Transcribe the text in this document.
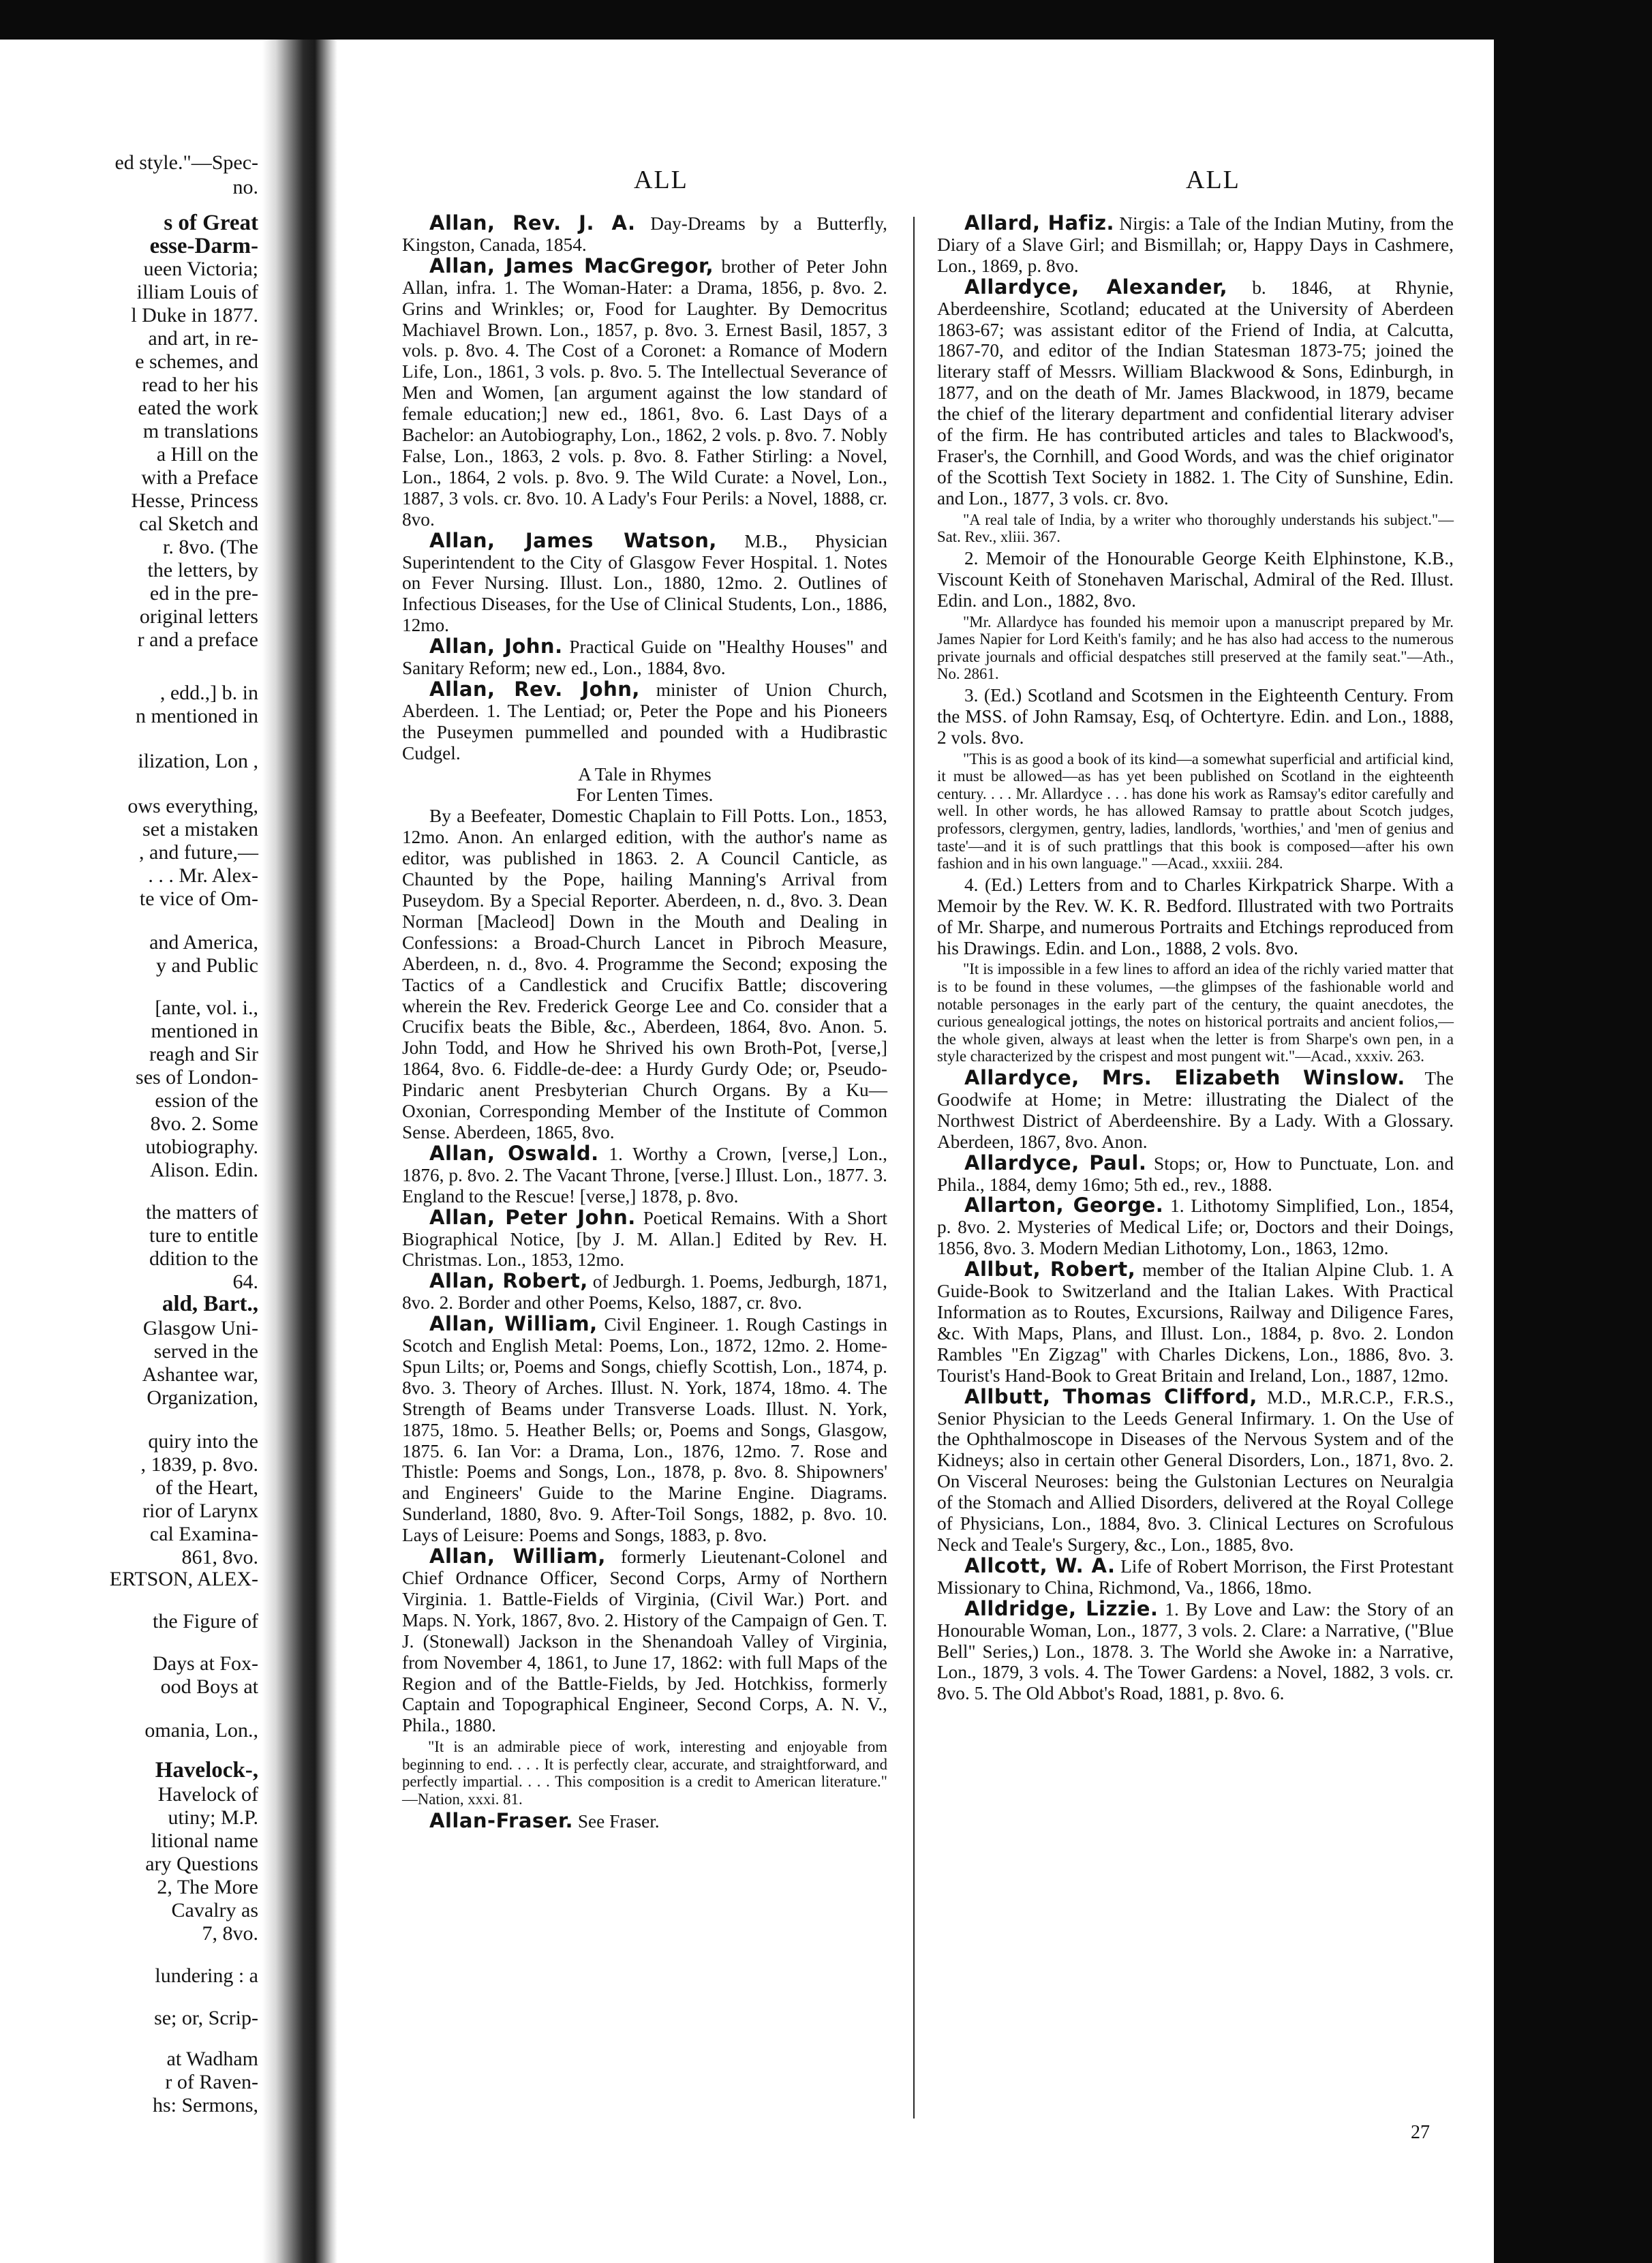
ed style."—Spec-
no.
s of Great
esse-Darm-
ueen Victoria;
illiam Louis of
l Duke in 1877.
and art, in re-
e schemes, and
read to her his
eated the work
m translations
a Hill on the
with a Preface
Hesse, Princess
cal Sketch and
r. 8vo. (The
the letters, by
ed in the pre-
original letters
r and a preface
, edd.,] b. in
n mentioned in
ilization, Lon ,
ows everything,
set a mistaken
, and future,—
. . . Mr. Alex-
te vice of Om-
and America,
y and Public
[ante, vol. i.,
mentioned in
reagh and Sir
ses of London-
ession of the
8vo. 2. Some
utobiography.
Alison. Edin.
the matters of
ture to entitle
ddition to the
64.
ald, Bart.,
Glasgow Uni-
served in the
Ashantee war,
Organization,
quiry into the
, 1839, p. 8vo.
of the Heart,
rior of Larynx
cal Examina-
861, 8vo.
ERTSON, ALEX-
the Figure of
Days at Fox-
ood Boys at
omania, Lon.,
Havelock-,
Havelock of
utiny; M.P.
litional name
ary Questions
2, The More
Cavalry as
7, 8vo.
lundering : a
se; or, Scrip-
at Wadham
r of Raven-
hs: Sermons,
ALL	ALL

Allan, Rev. J. A. Day-Dreams by a Butterfly, Kingston, Canada, 1854.

Allan, James MacGregor, brother of Peter John Allan, infra. 1. The Woman-Hater: a Drama, 1856, p. 8vo. 2. Grins and Wrinkles; or, Food for Laughter. By Democritus Machiavel Brown. Lon., 1857, p. 8vo. 3. Ernest Basil, 1857, 3 vols. p. 8vo. 4. The Cost of a Coronet: a Romance of Modern Life, Lon., 1861, 3 vols. p. 8vo. 5. The Intellectual Severance of Men and Women, [an argument against the low standard of female education;] new ed., 1861, 8vo. 6. Last Days of a Bachelor: an Autobiography, Lon., 1862, 2 vols. p. 8vo. 7. Nobly False, Lon., 1863, 2 vols. p. 8vo. 8. Father Stirling: a Novel, Lon., 1864, 2 vols. p. 8vo. 9. The Wild Curate: a Novel, Lon., 1887, 3 vols. cr. 8vo. 10. A Lady's Four Perils: a Novel, 1888, cr. 8vo.

Allan, James Watson, M.B., Physician Superintendent to the City of Glasgow Fever Hospital. 1. Notes on Fever Nursing. Illust. Lon., 1880, 12mo. 2. Outlines of Infectious Diseases, for the Use of Clinical Students, Lon., 1886, 12mo.

Allan, John. Practical Guide on "Healthy Houses" and Sanitary Reform; new ed., Lon., 1884, 8vo.

Allan, Rev. John, minister of Union Church, Aberdeen. 1. The Lentiad; or, Peter the Pope and his Pioneers the Puseymen pummelled and pounded with a Hudibrastic Cudgel.

A Tale in Rhymes

For Lenten Times.

By a Beefeater, Domestic Chaplain to Fill Potts. Lon., 1853, 12mo. Anon. An enlarged edition, with the author's name as editor, was published in 1863. 2. A Council Canticle, as Chaunted by the Pope, hailing Manning's Arrival from Puseydom. By a Special Reporter. Aberdeen, n. d., 8vo. 3. Dean Norman [Macleod] Down in the Mouth and Dealing in Confessions: a Broad-Church Lancet in Pibroch Measure, Aberdeen, n. d., 8vo. 4. Programme the Second; exposing the Tactics of a Candlestick and Crucifix Battle; discovering wherein the Rev. Frederick George Lee and Co. consider that a Crucifix beats the Bible, &c., Aberdeen, 1864, 8vo. Anon. 5. John Todd, and How he Shrived his own Broth-Pot, [verse,] 1864, 8vo. 6. Fiddle-de-dee: a Hurdy Gurdy Ode; or, Pseudo-Pindaric anent Presbyterian Church Organs. By a Ku— Oxonian, Corresponding Member of the Institute of Common Sense. Aberdeen, 1865, 8vo.

Allan, Oswald. 1. Worthy a Crown, [verse,] Lon., 1876, p. 8vo. 2. The Vacant Throne, [verse.] Illust. Lon., 1877. 3. England to the Rescue! [verse,] 1878, p. 8vo.

Allan, Peter John. Poetical Remains. With a Short Biographical Notice, [by J. M. Allan.] Edited by Rev. H. Christmas. Lon., 1853, 12mo.

Allan, Robert, of Jedburgh. 1. Poems, Jedburgh, 1871, 8vo. 2. Border and other Poems, Kelso, 1887, cr. 8vo.

Allan, William, Civil Engineer. 1. Rough Castings in Scotch and English Metal: Poems, Lon., 1872, 12mo. 2. Home-Spun Lilts; or, Poems and Songs, chiefly Scottish, Lon., 1874, p. 8vo. 3. Theory of Arches. Illust. N. York, 1874, 18mo. 4. The Strength of Beams under Transverse Loads. Illust. N. York, 1875, 18mo. 5. Heather Bells; or, Poems and Songs, Glasgow, 1875. 6. Ian Vor: a Drama, Lon., 1876, 12mo. 7. Rose and Thistle: Poems and Songs, Lon., 1878, p. 8vo. 8. Shipowners' and Engineers' Guide to the Marine Engine. Diagrams. Sunderland, 1880, 8vo. 9. After-Toil Songs, 1882, p. 8vo. 10. Lays of Leisure: Poems and Songs, 1883, p. 8vo.

Allan, William, formerly Lieutenant-Colonel and Chief Ordnance Officer, Second Corps, Army of Northern Virginia. 1. Battle-Fields of Virginia, (Civil War.) Port. and Maps. N. York, 1867, 8vo. 2. History of the Campaign of Gen. T. J. (Stonewall) Jackson in the Shenandoah Valley of Virginia, from November 4, 1861, to June 17, 1862: with full Maps of the Region and of the Battle-Fields, by Jed. Hotchkiss, formerly Captain and Topographical Engineer, Second Corps, A. N. V., Phila., 1880.

"It is an admirable piece of work, interesting and enjoyable from beginning to end. . . . It is perfectly clear, accurate, and straightforward, and perfectly impartial. . . . This composition is a credit to American literature." —Nation, xxxi. 81.

Allan-Fraser. See Fraser.

Allard, Hafiz. Nirgis: a Tale of the Indian Mutiny, from the Diary of a Slave Girl; and Bismillah; or, Happy Days in Cashmere, Lon., 1869, p. 8vo.

Allardyce, Alexander, b. 1846, at Rhynie, Aberdeenshire, Scotland; educated at the University of Aberdeen 1863-67; was assistant editor of the Friend of India, at Calcutta, 1867-70, and editor of the Indian Statesman 1873-75; joined the literary staff of Messrs. William Blackwood & Sons, Edinburgh, in 1877, and on the death of Mr. James Blackwood, in 1879, became the chief of the literary department and confidential literary adviser of the firm. He has contributed articles and tales to Blackwood's, Fraser's, the Cornhill, and Good Words, and was the chief originator of the Scottish Text Society in 1882. 1. The City of Sunshine, Edin. and Lon., 1877, 3 vols. cr. 8vo.

"A real tale of India, by a writer who thoroughly understands his subject."—Sat. Rev., xliii. 367.

2. Memoir of the Honourable George Keith Elphinstone, K.B., Viscount Keith of Stonehaven Marischal, Admiral of the Red. Illust. Edin. and Lon., 1882, 8vo.

"Mr. Allardyce has founded his memoir upon a manuscript prepared by Mr. James Napier for Lord Keith's family; and he has also had access to the numerous private journals and official despatches still preserved at the family seat."—Ath., No. 2861.

3. (Ed.) Scotland and Scotsmen in the Eighteenth Century. From the MSS. of John Ramsay, Esq, of Ochtertyre. Edin. and Lon., 1888, 2 vols. 8vo.

"This is as good a book of its kind—a somewhat superficial and artificial kind, it must be allowed—as has yet been published on Scotland in the eighteenth century. . . . Mr. Allardyce . . . has done his work as Ramsay's editor carefully and well. In other words, he has allowed Ramsay to prattle about Scotch judges, professors, clergymen, gentry, ladies, landlords, 'worthies,' and 'men of genius and taste'—and it is of such prattlings that this book is composed—after his own fashion and in his own language." —Acad., xxxiii. 284.

4. (Ed.) Letters from and to Charles Kirkpatrick Sharpe. With a Memoir by the Rev. W. K. R. Bedford. Illustrated with two Portraits of Mr. Sharpe, and numerous Portraits and Etchings reproduced from his Drawings. Edin. and Lon., 1888, 2 vols. 8vo.

"It is impossible in a few lines to afford an idea of the richly varied matter that is to be found in these volumes, —the glimpses of the fashionable world and notable personages in the early part of the century, the quaint anecdotes, the curious genealogical jottings, the notes on historical portraits and ancient folios,—the whole given, always at least when the letter is from Sharpe's own pen, in a style characterized by the crispest and most pungent wit."—Acad., xxxiv. 263.

Allardyce, Mrs. Elizabeth Winslow. The Goodwife at Home; in Metre: illustrating the Dialect of the Northwest District of Aberdeenshire. By a Lady. With a Glossary. Aberdeen, 1867, 8vo. Anon.

Allardyce, Paul. Stops; or, How to Punctuate, Lon. and Phila., 1884, demy 16mo; 5th ed., rev., 1888.

Allarton, George. 1. Lithotomy Simplified, Lon., 1854, p. 8vo. 2. Mysteries of Medical Life; or, Doctors and their Doings, 1856, 8vo. 3. Modern Median Lithotomy, Lon., 1863, 12mo.

Allbut, Robert, member of the Italian Alpine Club. 1. A Guide-Book to Switzerland and the Italian Lakes. With Practical Information as to Routes, Excursions, Railway and Diligence Fares, &c. With Maps, Plans, and Illust. Lon., 1884, p. 8vo. 2. London Rambles "En Zigzag" with Charles Dickens, Lon., 1886, 8vo. 3. Tourist's Hand-Book to Great Britain and Ireland, Lon., 1887, 12mo.

Allbutt, Thomas Clifford, M.D., M.R.C.P., F.R.S., Senior Physician to the Leeds General Infirmary. 1. On the Use of the Ophthalmoscope in Diseases of the Nervous System and of the Kidneys; also in certain other General Disorders, Lon., 1871, 8vo. 2. On Visceral Neuroses: being the Gulstonian Lectures on Neuralgia of the Stomach and Allied Disorders, delivered at the Royal College of Physicians, Lon., 1884, 8vo. 3. Clinical Lectures on Scrofulous Neck and Teale's Surgery, &c., Lon., 1885, 8vo.

Allcott, W. A. Life of Robert Morrison, the First Protestant Missionary to China, Richmond, Va., 1866, 18mo.

Alldridge, Lizzie. 1. By Love and Law: the Story of an Honourable Woman, Lon., 1877, 3 vols. 2. Clare: a Narrative, ("Blue Bell" Series,) Lon., 1878. 3. The World she Awoke in: a Narrative, Lon., 1879, 3 vols. 4. The Tower Gardens: a Novel, 1882, 3 vols. cr. 8vo. 5. The Old Abbot's Road, 1881, p. 8vo. 6.

27
